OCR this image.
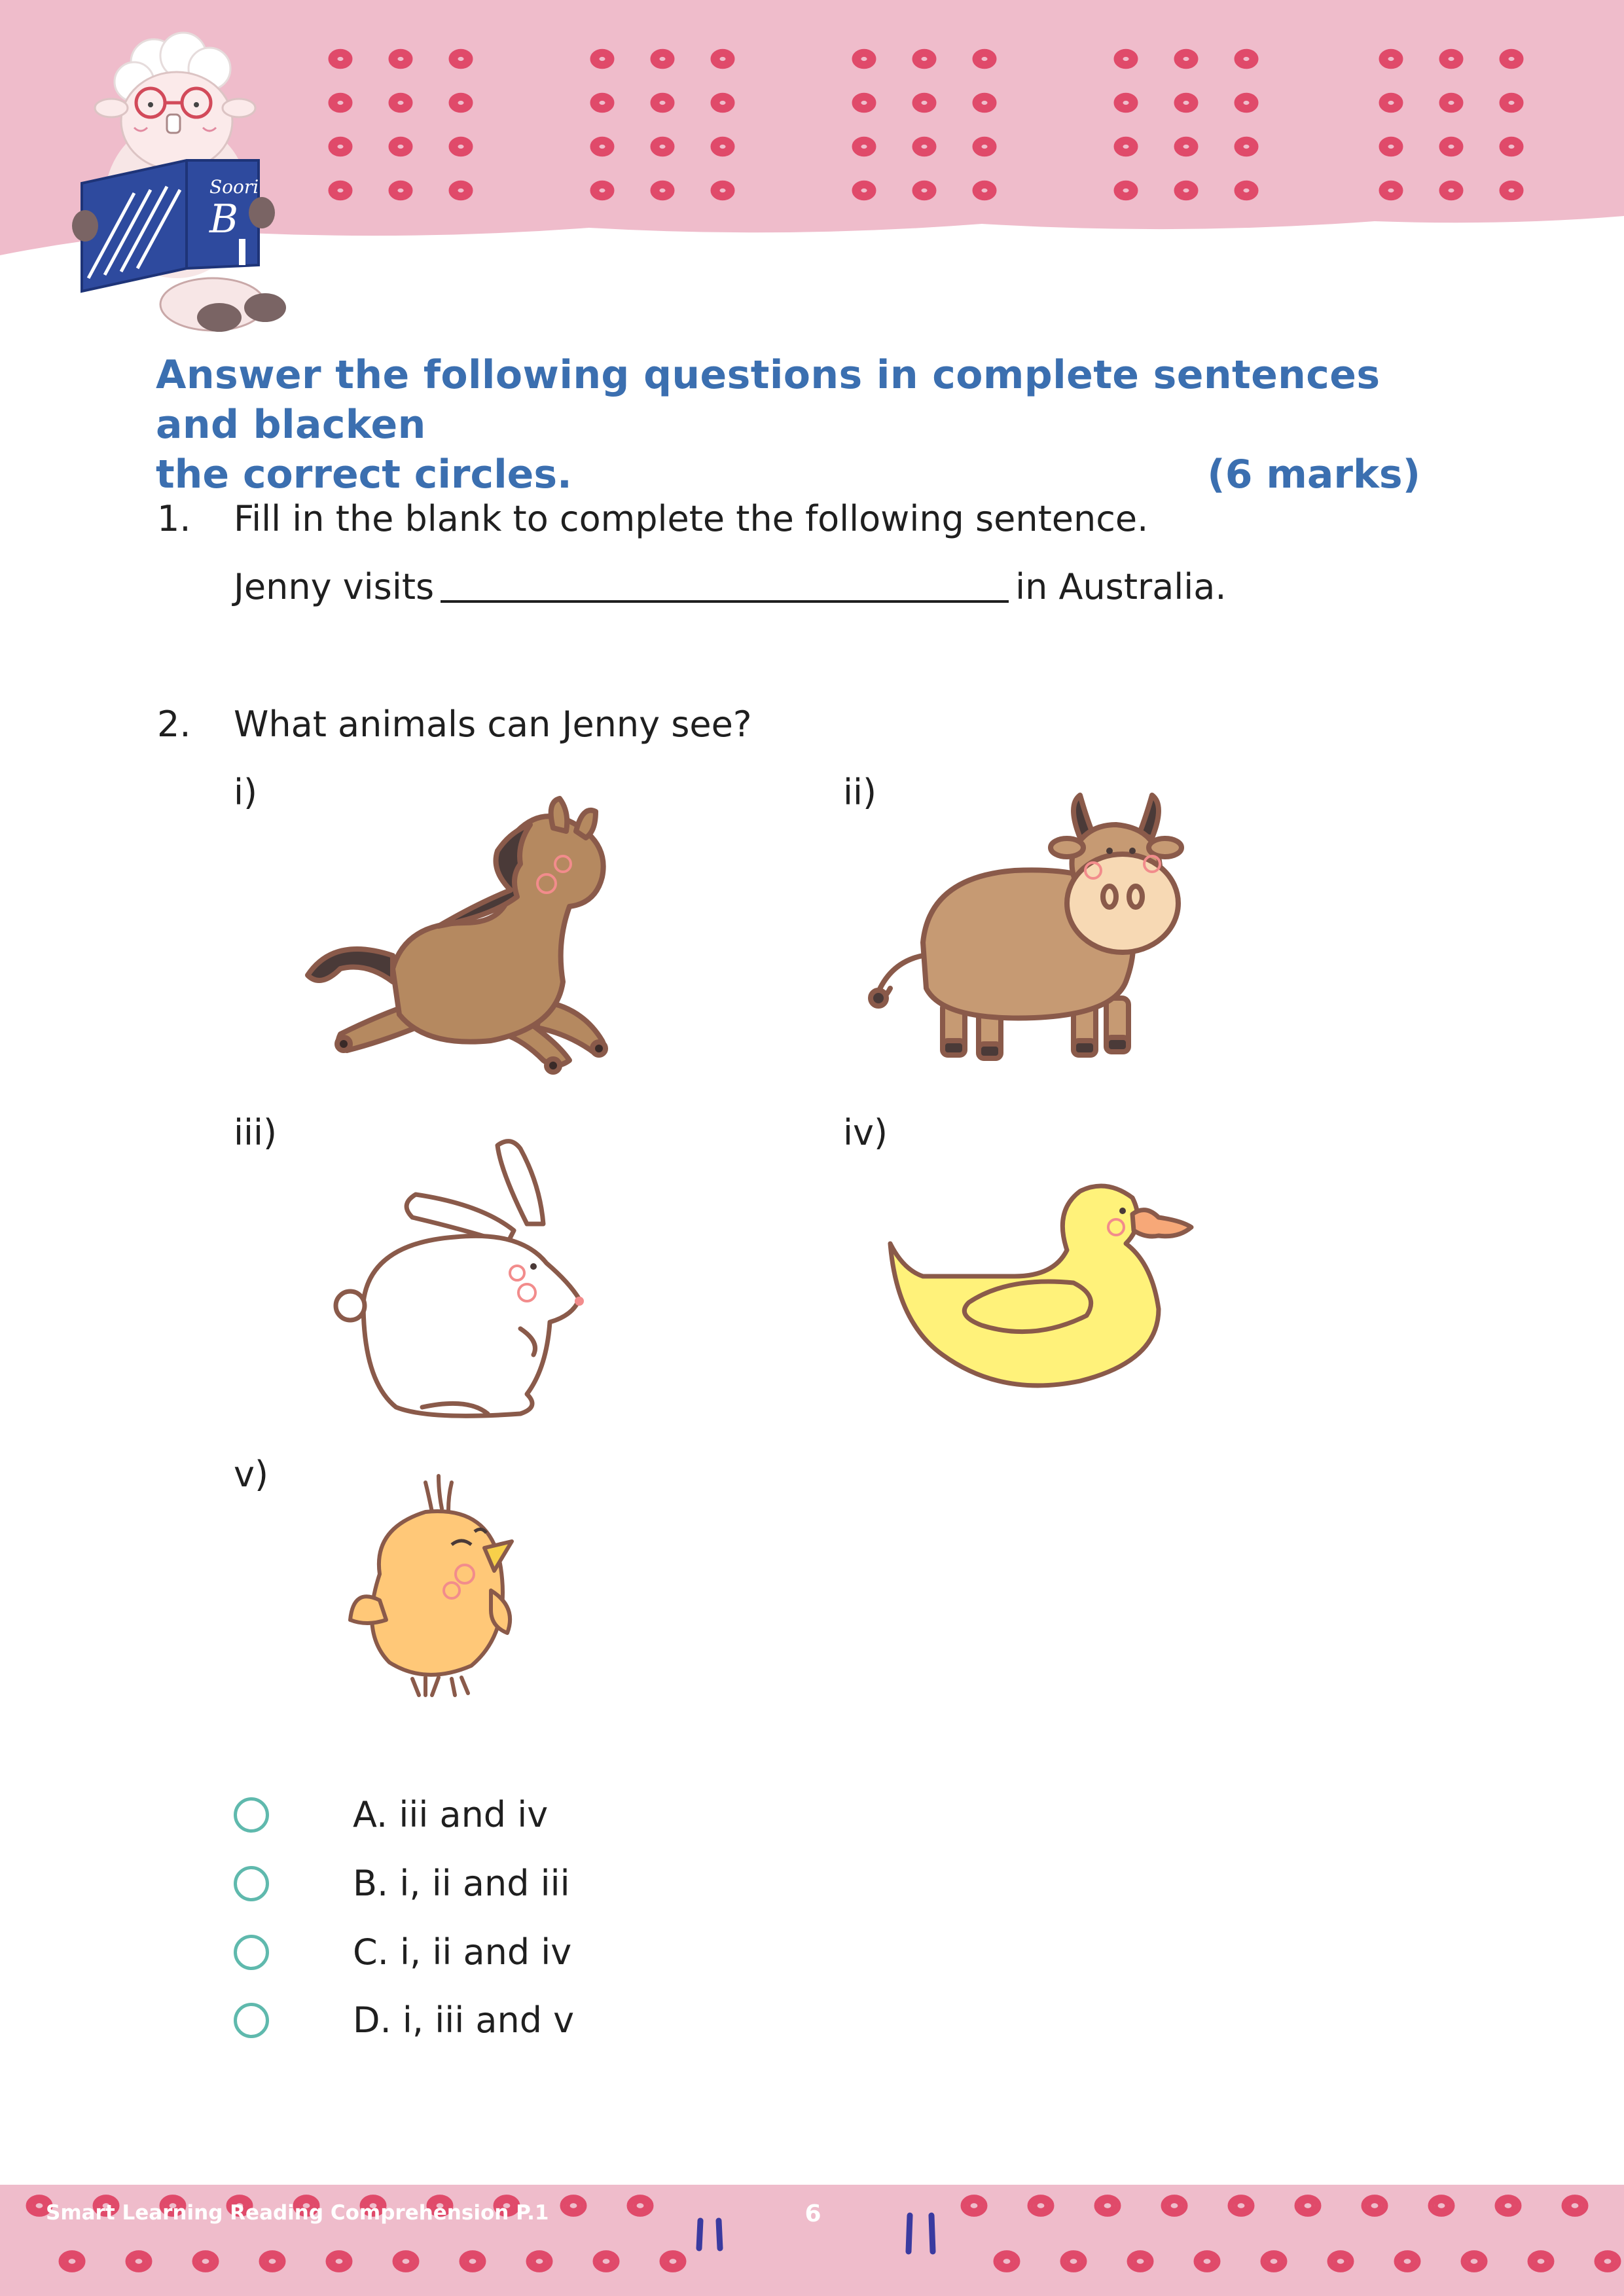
Soori
B
Answer the following questions in complete sentences and blacken
the correct circles.	(6 marks)
1. Fill in the blank to complete the following sentence.
Jenny visits	in Australia.
2. What animals can Jenny see?
i)	ii)
iii)	iv)
v)
A. iii and iv
B. i, ii and iii
C. i, ii and iv
D. i, iii and v
Smart Learning Reading Comprehension P.1	6
